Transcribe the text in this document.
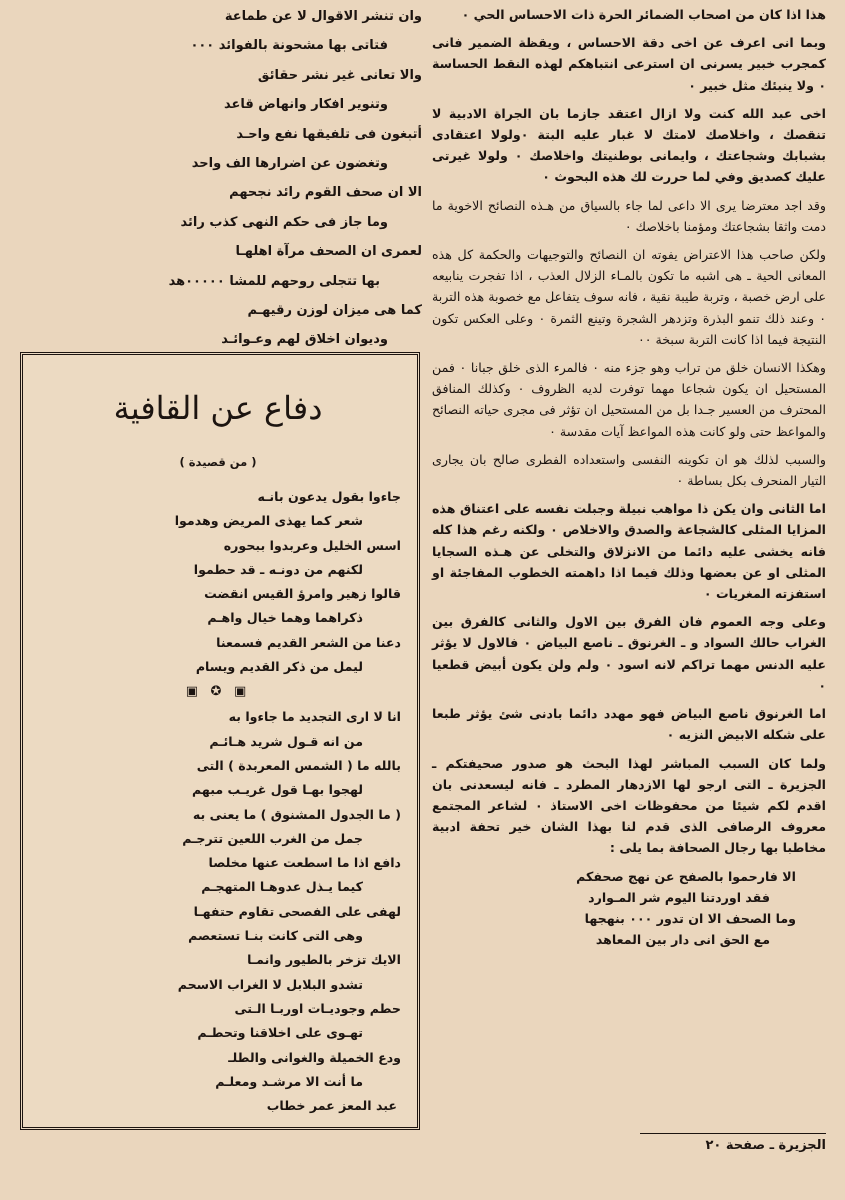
هذا اذا كان من اصحاب الضمائر الحرة ذات الاحساس الحي ٠

وبما انى اعرف عن اخى دقة الاحساس ، ويقظة الضمير فانى كمجرب خبير يسرنى ان استرعى انتباهكم لهذه النقط الحساسة ٠ ولا ينبئك مثل خبير ٠

اخى عبد الله كنت ولا ازال اعتقد جازما بان الجراة الادبية لا تنقصك ، واخلاصك لامتك لا غبار عليه البتة ٠ولولا اعتقادى بشبابك وشجاعتك ، وايمانى بوطنيتك واخلاصك ٠ ولولا غيرتى عليك كصديق وفي لما حررت لك هذه البحوث ٠

وقد اجد معترضا يرى الا داعى لما جاء بالسياق من هـذه النصائح الاخوية ما دمت واثقا بشجاعتك ومؤمنا باخلاصك ٠

ولكن صاحب هذا الاعتراض يفوته ان النصائح والتوجيهات والحكمة كل هذه المعانى الحية ـ هى اشبه ما تكون بالمـاء الزلال العذب ، اذا تفجرت ينابيعه على ارض خصبة ، وتربة طيبة نقية ، فانه سوف يتفاعل مع خصوبة هذه التربة ٠ وعند ذلك تنمو البذرة وتزدهر الشجرة وتينع الثمرة ٠ وعلى العكس تكون النتيجة فيما اذا كانت التربة سبخة ٠٠

وهكذا الانسان خلق من تراب وهو جزء منه ٠ فالمرء الذى خلق جبانا ٠ فمن المستحيل ان يكون شجاعا مهما توفرت لديه الظروف ٠ وكذلك المنافق المحترف من العسير جـدا بل من المستحيل ان تؤثر فى مجرى حياته النصائح والمواعظ حتى ولو كانت هذه المواعظ آيات مقدسة ٠

والسبب لذلك هو ان تكوينه النفسى واستعداده الفطرى صالح بان يجارى التيار المنحرف بكل بساطة ٠

اما الثانى وان يكن ذا مواهب نبيلة وجبلت نفسه على اعتناق هذه المزايا المثلى كالشجاعة والصدق والاخلاص ٠ ولكنه رغم هذا كله فانه يخشى عليه دائما من الانزلاق والتخلى عن هـذه السجايا المثلى او عن بعضها وذلك فيما اذا داهمته الخطوب المفاجئة او استفزته المغريات ٠

وعلى وجه العموم فان الفرق بين الاول والثانى كالفرق بين الغراب حالك السواد و ـ الغرنوق ـ ناصع البياض ٠ فالاول لا يؤثر عليه الدنس مهما تراكم لانه اسود ٠ ولم ولن يكون أبيض قطعيا ٠

اما الغرنوق ناصع البياض فهو مهدد دائما بادنى شئ يؤثر طبعا على شكله الابيض النزيه ٠

ولما كان السبب المباشر لهذا البحث هو صدور صحيفتكم ـ الجزيرة ـ التى ارجو لها الازدهار المطرد ـ فانه ليسعدنى بان اقدم لكم شيئا من محفوظات اخى الاستاذ ٠ لشاعر المجتمع معروف الرصافى الذى قدم لنا بهذا الشان خير تحفة ادبية مخاطبا بها رجال الصحافة بما يلى :

الا فارحموا بالصفح عن نهج صحفكم
فقد اوردتنا اليوم شر المـوارد
وما الصحف الا ان تدور ٠٠٠ بنهجها
مع الحق انى دار بين المعاهد
وان تنشر الاقوال لا عن طماعة
فتاتى بها مشحونة بالفوائد ٠٠٠
والا تعانى غير نشر حقائق
وتنوير افكار وانهاض قاعد
أتبغون فى تلفيقها نفع واحـد
وتغضون عن اضرارها الف واحد
الا ان صحف القوم رائد نجحهم
وما جاز فى حكم النهى كذب رائد
لعمرى ان الصحف مرآة اهلهـا
بها تتجلى روحهم للمشا ٠٠٠٠٠هد
كما هى ميزان لوزن رقيهـم
وديوان اخلاق لهم وعـوائـد
دفاع عن القافية
( من قصيدة )
جاءوا بقول يدعون بانـه
شعر كما يهذى المريض وهدموا
اسس الخليل وعربدوا ببحوره
لكنهم من دونـه ـ قد حطموا
قالوا زهير وامرؤ القيس انقضت
ذكراهما وهما خيال واهـم
دعنا من الشعر القديم فسمعنا
ليمل من ذكر القديم ويسام
▣ ✪ ▣
انا لا ارى التجديد ما جاءوا به
من انه قـول شريد هـائـم
بالله ما ( الشمس المعربدة ) التى
لهجوا بهـا قول غريـب مبهم
( ما الجدول المشنوق ) ما يعنى به
جمل من الغرب اللعين تترجـم
دافع اذا ما اسطعت عنها مخلصا
كيما يـذل عدوهـا المتهجـم
لهفى على الفصحى تقاوم حتفهـا
وهى التى كانت بنـا تستعصم
الايك تزخر بالطيور وانمـا
تشدو البلابل لا الغراب الاسحم
حطم وجوديـات اوربـا الـتى
تهـوى على اخلاقنا وتحطـم
ودع الخميلة والغوانى والطلـ
ما أنت الا مرشـد ومعلـم
عبد المعز عمر خطاب
الجزيرة ـ صفحة ٢٠
